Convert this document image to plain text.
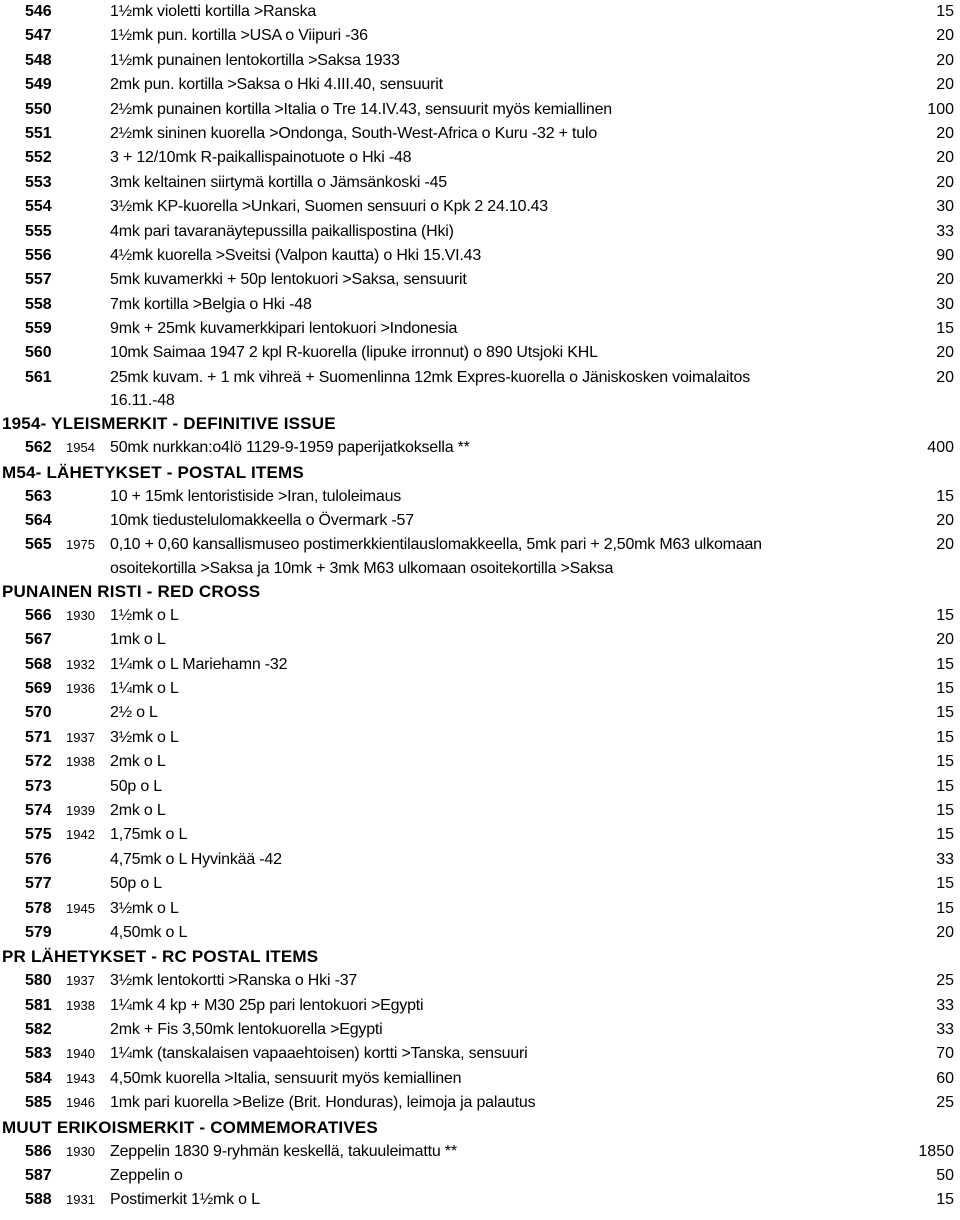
546	1½mk violetti kortilla >Ranska	15
547	1½mk pun. kortilla >USA o Viipuri -36	20
548	1½mk punainen lentokortilla >Saksa 1933	20
549	2mk pun. kortilla >Saksa o Hki 4.III.40, sensuurit	20
550	2½mk punainen kortilla >Italia o Tre 14.IV.43, sensuurit myös kemiallinen	100
551	2½mk sininen kuorella >Ondonga, South-West-Africa o Kuru -32 + tulo	20
552	3 + 12/10mk R-paikallispainotuote o Hki -48	20
553	3mk keltainen siirtymä kortilla o Jämsänkoski -45	20
554	3½mk KP-kuorella >Unkari, Suomen sensuuri o Kpk 2 24.10.43	30
555	4mk pari tavaranäytepussilla paikallispostina (Hki)	33
556	4½mk kuorella >Sveitsi (Valpon kautta) o Hki 15.VI.43	90
557	5mk kuvamerkki + 50p lentokuori >Saksa, sensuurit	20
558	7mk kortilla >Belgia o Hki -48	30
559	9mk + 25mk kuvamerkkipari lentokuori >Indonesia	15
560	10mk Saimaa 1947 2 kpl R-kuorella (lipuke irronnut) o 890 Utsjoki KHL	20
561	25mk kuvam. + 1 mk vihreä + Suomenlinna 12mk Expres-kuorella o Jäniskosken voimalaitos	20
16.11.-48
1954- YLEISMERKIT - DEFINITIVE ISSUE
562	1954 50mk nurkkan:o4lö 1129-9-1959 paperijatkoksella **	400
M54- LÄHETYKSET - POSTAL ITEMS
563	10 + 15mk lentoristiside >Iran, tuloleimaus	15
564	10mk tiedustelulomakkeella o Övermark -57	20
565	1975 0,10 + 0,60 kansallismuseo postimerkkientilauslomakkeella, 5mk pari + 2,50mk M63 ulkomaan	20
osoitekortilla >Saksa ja 10mk + 3mk M63 ulkomaan osoitekortilla >Saksa
PUNAINEN RISTI - RED CROSS
566	1930 1½mk o L	15
567	1mk o L	20
568	1932 1¼mk o L Mariehamn -32	15
569	1936 1¼mk o L	15
570	2½ o L	15
571	1937 3½mk o L	15
572	1938 2mk o L	15
573	50p o L	15
574	1939 2mk o L	15
575	1942 1,75mk o L	15
576	4,75mk o L Hyvinkää -42	33
577	50p o L	15
578	1945 3½mk o L	15
579	4,50mk o L	20
PR LÄHETYKSET - RC POSTAL ITEMS
580	1937 3½mk lentokortti >Ranska o Hki -37	25
581	1938 1¼mk 4 kp + M30 25p pari lentokuori >Egypti	33
582	2mk + Fis 3,50mk lentokuorella >Egypti	33
583	1940 1¼mk (tanskalaisen vapaaehtoisen) kortti >Tanska, sensuuri	70
584	1943 4,50mk kuorella >Italia, sensuurit myös kemiallinen	60
585	1946 1mk pari kuorella >Belize (Brit. Honduras), leimoja ja palautus	25
MUUT ERIKOISMERKIT - COMMEMORATIVES
586	1930 Zeppelin 1830 9-ryhmän keskellä, takuuleimattu **	1850
587	Zeppelin o	50
588	1931 Postimerkit 1½mk o L	15
